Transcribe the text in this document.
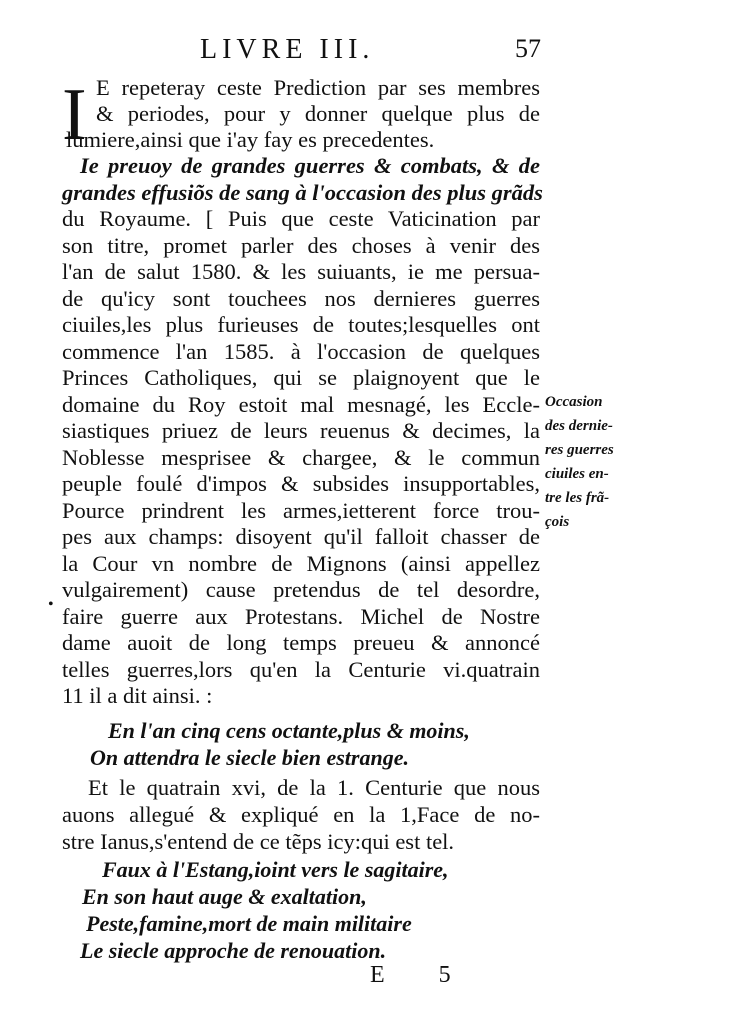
LIVRE III.	57
I E repeteray ceste Prediction par ses membres
& periodes, pour y donner quelque plus de
lumiere,ainsi que i'ay fay es precedentes.
Ie preuoy de grandes guerres & combats, & de
grandes effusiõs de sang à l'occasion des plus grãds
du Royaume. [ Puis que ceste Vaticination par
son titre, promet parler des choses à venir des
l'an de salut 1580. & les suiuants, ie me persua-
de qu'icy sont touchees nos dernieres guerres
ciuiles,les plus furieuses de toutes;lesquelles ont
commence l'an 1585. à l'occasion de quelques
Princes Catholiques, qui se plaignoyent que le
domaine du Roy estoit mal mesnagé, les Eccle-
siastiques priuez de leurs reuenus & decimes, la
Noblesse mesprisee & chargee, & le commun
peuple foulé d'impos & subsides insupportables,
Pource prindrent les armes,ietterent force trou-
pes aux champs: disoyent qu'il falloit chasser de
la Cour vn nombre de Mignons (ainsi appellez
vulgairement) cause pretendus de tel desordre,
faire guerre aux Protestans. Michel de Nostre
dame auoit de long temps preueu & annoncé
telles guerres,lors qu'en la Centurie vi.quatrain
11 il a dit ainsi. :
•
En l'an cinq cens octante,plus & moins,
On attendra le siecle bien estrange.
Et le quatrain xvi, de la 1. Centurie que nous
auons allegué & expliqué en la 1,Face de no-
stre Ianus,s'entend de ce tẽps icy:qui est tel.
Faux à l'Estang,ioint vers le sagitaire,
En son haut auge & exaltation,
Peste,famine,mort de main militaire
Le siecle approche de renouation.
Occasion
des dernie-
res guerres
ciuiles en-
tre les frã-
çois
E 5
